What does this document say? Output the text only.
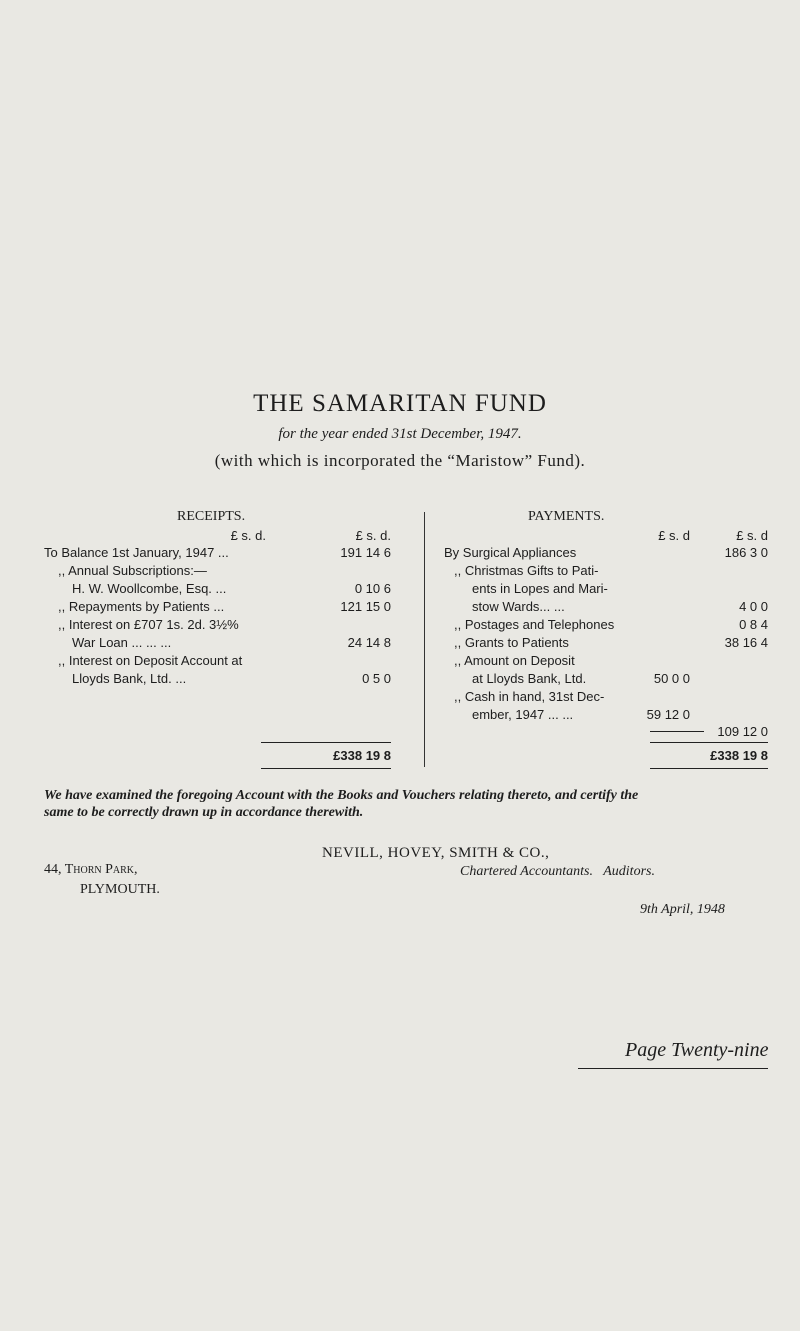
THE SAMARITAN FUND
for the year ended 31st December, 1947.
(with which is incorporated the “Maristow” Fund).
RECEIPTS.
£ s. d.	£ s. d.
To Balance 1st January, 1947 ...	191 14 6
,, Annual Subscriptions:—
H. W. Woollcombe, Esq. ...	0 10 6
,, Repayments by Patients ...	121 15 0
,, Interest on £707 1s. 2d. 3½%
War Loan ... ... ...	24 14 8
,, Interest on Deposit Account at
Lloyds Bank, Ltd. ...	0 5 0
£338 19 8
PAYMENTS.
£ s. d	£ s. d
By Surgical Appliances	186 3 0
,, Christmas Gifts to Pati-
ents in Lopes and Mari-
stow Wards... ...	4 0 0
,, Postages and Telephones	0 8 4
,, Grants to Patients	38 16 4
,, Amount on Deposit
at Lloyds Bank, Ltd.	50 0 0
,, Cash in hand, 31st Dec-
ember, 1947 ... ...	59 12 0
109 12 0
£338 19 8
We have examined the foregoing Account with the Books and Vouchers relating thereto, and certify the
same to be correctly drawn up in accordance therewith.
NEVILL, HOVEY, SMITH & CO.,
Chartered Accountants.   Auditors.
44, Thorn Park,
PLYMOUTH.
9th April, 1948
Page Twenty-nine
